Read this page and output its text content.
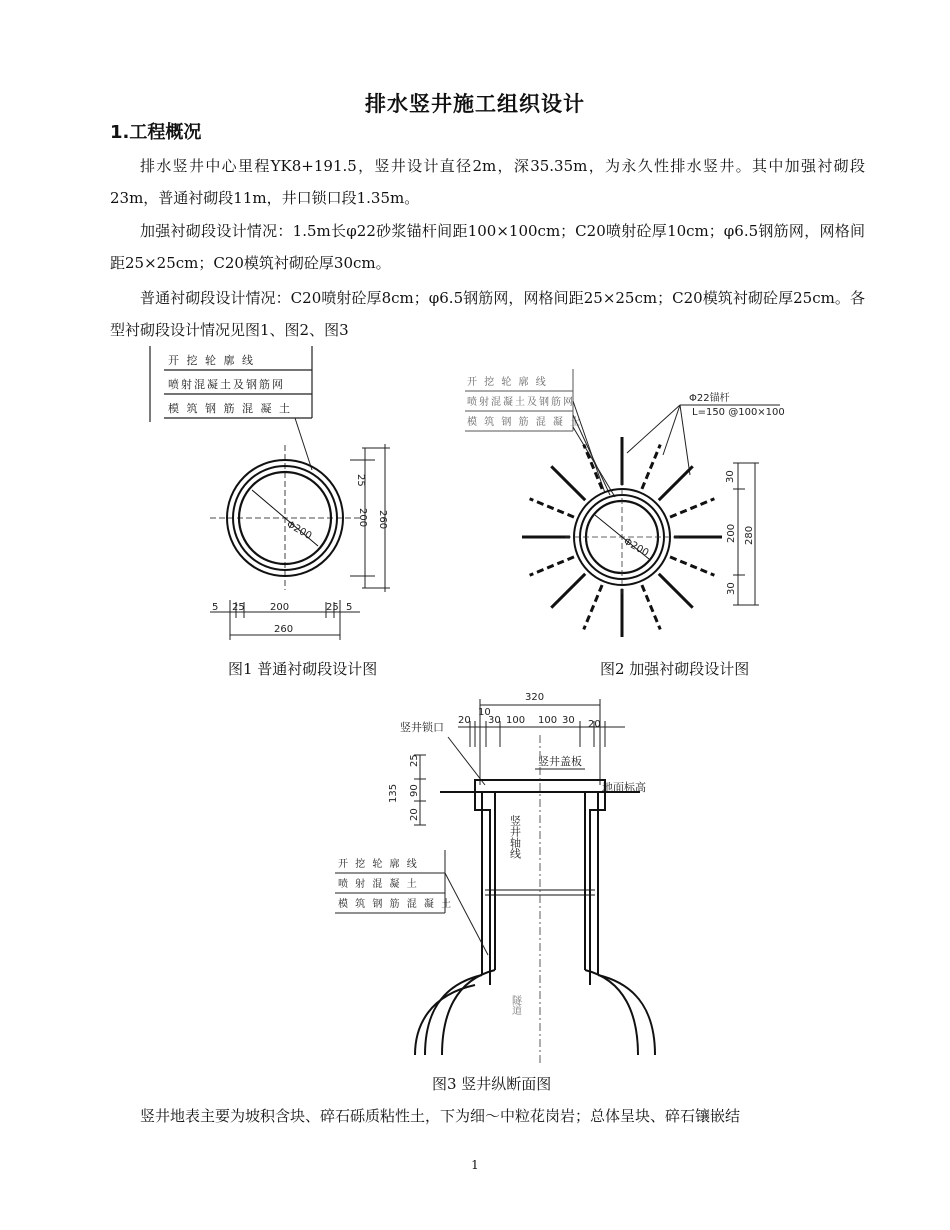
排水竖井施工组织设计
1.工程概况
排水竖井中心里程YK8+191.5，竖井设计直径2m，深35.35m，为永久性排水竖井。其中加强衬砌段23m，普通衬砌段11m，井口锁口段1.35m。
加强衬砌段设计情况：1.5m长φ22砂浆锚杆间距100×100cm；C20喷射砼厚10cm；φ6.5钢筋网，网格间距25×25cm；C20模筑衬砌砼厚30cm。
普通衬砌段设计情况：C20喷射砼厚8cm；φ6.5钢筋网，网格间距25×25cm；C20模筑衬砌砼厚25cm。各型衬砌段设计情况见图1、图2、图3
开 挖 轮 廓 线
喷射混凝土及钢筋网
模 筑 钢 筋 混 凝 土
Φ200
25
200 260
5 25	200	25 5
260
开 挖 轮 廓 线
喷射混凝土及钢筋网
模 筑 钢 筋 混 凝 土
Φ22锚杆
L=150 @100×100
Φ200
30
200 280
30
图1 普通衬砌段设计图	图2 加强衬砌段设计图
320
20
10
30 100 100 30 20
竖井锁口
竖井盖板
地面标高
25
135 90
20
竖井轴线
隧道
开 挖 轮 廓 线
喷 射 混 凝 土
模 筑 钢 筋 混 凝 土
图3 竖井纵断面图
竖井地表主要为坡积含块、碎石砾质粘性土，下为细～中粒花岗岩；总体呈块、碎石镶嵌结
1
